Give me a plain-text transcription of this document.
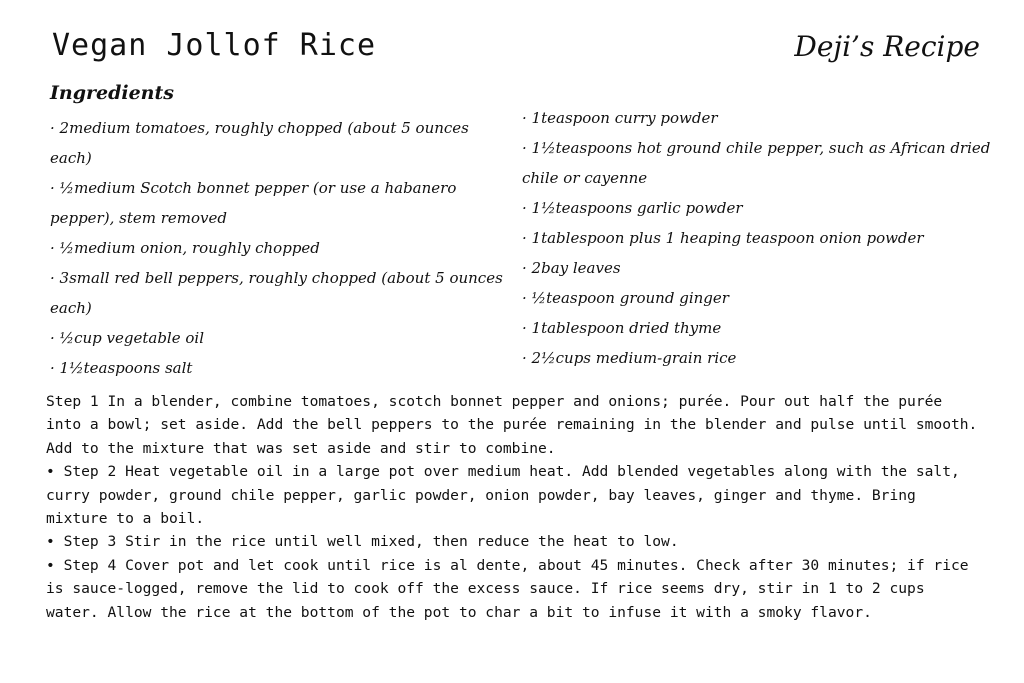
Vegan Jollof Rice	Deji’s Recipe
Ingredients
· 2medium tomatoes, roughly chopped (about 5 ounces each)
· ½medium Scotch bonnet pepper (or use a habanero pepper), stem removed
· ½medium onion, roughly chopped
· 3small red bell peppers, roughly chopped (about 5 ounces each)
· ½cup vegetable oil
· 1½teaspoons salt
· 1teaspoon curry powder
· 1½teaspoons hot ground chile pepper, such as African dried chile or cayenne
· 1½teaspoons garlic powder
· 1tablespoon plus 1 heaping teaspoon onion powder
· 2bay leaves
· ½teaspoon ground ginger
· 1tablespoon dried thyme
· 2½cups medium-grain rice
Step 1 In a blender, combine tomatoes, scotch bonnet pepper and onions; purée. Pour out half the purée into a bowl; set aside. Add the bell peppers to the purée remaining in the blender and pulse until smooth. Add to the mixture that was set aside and stir to combine.
• Step 2 Heat vegetable oil in a large pot over medium heat. Add blended vegetables along with the salt, curry powder, ground chile pepper, garlic powder, onion powder, bay leaves, ginger and thyme. Bring mixture to a boil.
• Step 3 Stir in the rice until well mixed, then reduce the heat to low.
• Step 4 Cover pot and let cook until rice is al dente, about 45 minutes. Check after 30 minutes; if rice is sauce-logged, remove the lid to cook off the excess sauce. If rice seems dry, stir in 1 to 2 cups water. Allow the rice at the bottom of the pot to char a bit to infuse it with a smoky flavor.
